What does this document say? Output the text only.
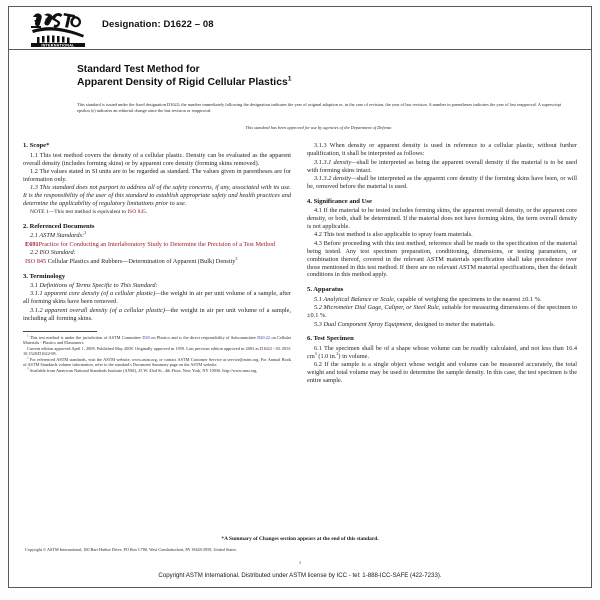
INTERNATIONAL
Designation: D1622 – 08
Standard Test Method for
Apparent Density of Rigid Cellular Plastics$^1$
This standard is issued under the fixed designation D1622; the number immediately following the designation indicates the year of original adoption or, in the case of revision, the year of last revision. A number in parentheses indicates the year of last reapproval. A superscript epsilon (ε) indicates an editorial change since the last revision or reapproval.
This standard has been approved for use by agencies of the Department of Defense.
1. Scope*

1.1 This test method covers the density of a cellular plastic. Density can be evaluated as the apparent overall density (includes forming skins) or by apparent core density (forming skins removed).

1.2 The values stated in SI units are to be regarded as standard. The values given in parentheses are for information only.

1.3 This standard does not purport to address all of the safety concerns, if any, associated with its use. It is the responsibility of the user of this standard to establish appropriate safety and health practices and determine the applicability of regulatory limitations prior to use.

NOTE 1—This test method is equivalent to ISO 845.

2. Referenced Documents

2.1 ASTM Standards:$^2$

E691Practice for Conducting an Interlaboratory Study to Determine the Precision of a Test Method

2.2 ISO Standard:

ISO 845 Cellular Plastics and Rubbers—Determination of Apparent (Bulk) Density$^3$

3. Terminology

3.1 Definitions of Terms Specific to This Standard:

3.1.1 apparent core density (of a cellular plastic)—the weight in air per unit volume of a sample, after all forming skins have been removed.

3.1.2 apparent overall density (of a cellular plastic)—the weight in air per unit volume of a sample, including all forming skins.

$^1$ This test method is under the jurisdiction of ASTM Committee D20 on Plastics and is the direct responsibility of Subcommittee D20.22 on Cellular Materials - Plastics and Elastomers.

Current edition approved April 1, 2008. Published May 2008. Originally approved in 1959. Last previous edition approved in 2003 as D1622 - 03. DOI: 10.1520/D1622-08.

$^2$ For referenced ASTM standards, visit the ASTM website, www.astm.org, or contact ASTM Customer Service at service@astm.org. For Annual Book of ASTM Standards volume information, refer to the standard's Document Summary page on the ASTM website.

$^3$ Available from American National Standards Institute (ANSI), 25 W. 43rd St., 4th Floor, New York, NY 10036, http://www.ansi.org.

3.1.3 When density or apparent density is used in reference to a cellular plastic, without further qualification, it shall be interpreted as follows:

3.1.3.1 density—shall be interpreted as being the apparent overall density if the material is to be used with forming skins intact.

3.1.3.2 density—shall be interpreted as the apparent core density if the forming skins have been, or will be, removed before the material is used.

4. Significance and Use

4.1 If the material to be tested includes forming skins, the apparent overall density, or the apparent core density, or both, shall be determined. If the material does not have forming skins, the term overall density is not applicable.

4.2 This test method is also applicable to spray foam materials.

4.3 Before proceeding with this test method, reference shall be made to the specification of the material being tested. Any test specimen preparation, conditioning, dimensions, or testing parameters, or combination thereof, covered in the relevant ASTM materials specification shall take precedence over those mentioned in this test method. If there are no relevant ASTM material specifications, then the default conditions in this method apply.

5. Apparatus

5.1 Analytical Balance or Scale, capable of weighing the specimens to the nearest ±0.1 %.

5.2 Micrometer Dial Gage, Caliper, or Steel Rule, suitable for measuring dimensions of the specimen to ±0.1 %.

5.3 Dual Component Spray Equipment, designed to meter the materials.

6. Test Specimen

6.1 The specimen shall be of a shape whose volume can be readily calculated, and not less than 16.4 $cm^3$ (1.0 in.$^2$) in volume.

6.2 If the sample is a single object whose weight and volume can be measured accurately, the total weight and total volume may be used to determine the sample density. In this case, the test specimen is the entire sample.

*A Summary of Changes section appears at the end of this standard.
Copyright © ASTM International, 100 Barr Harbor Drive, PO Box C700, West Conshohocken, PA 19428-2959, United States.
1
Copyright ASTM International. Distributed under ASTM license by ICC - tel: 1-888-ICC-SAFE (422-7233).
